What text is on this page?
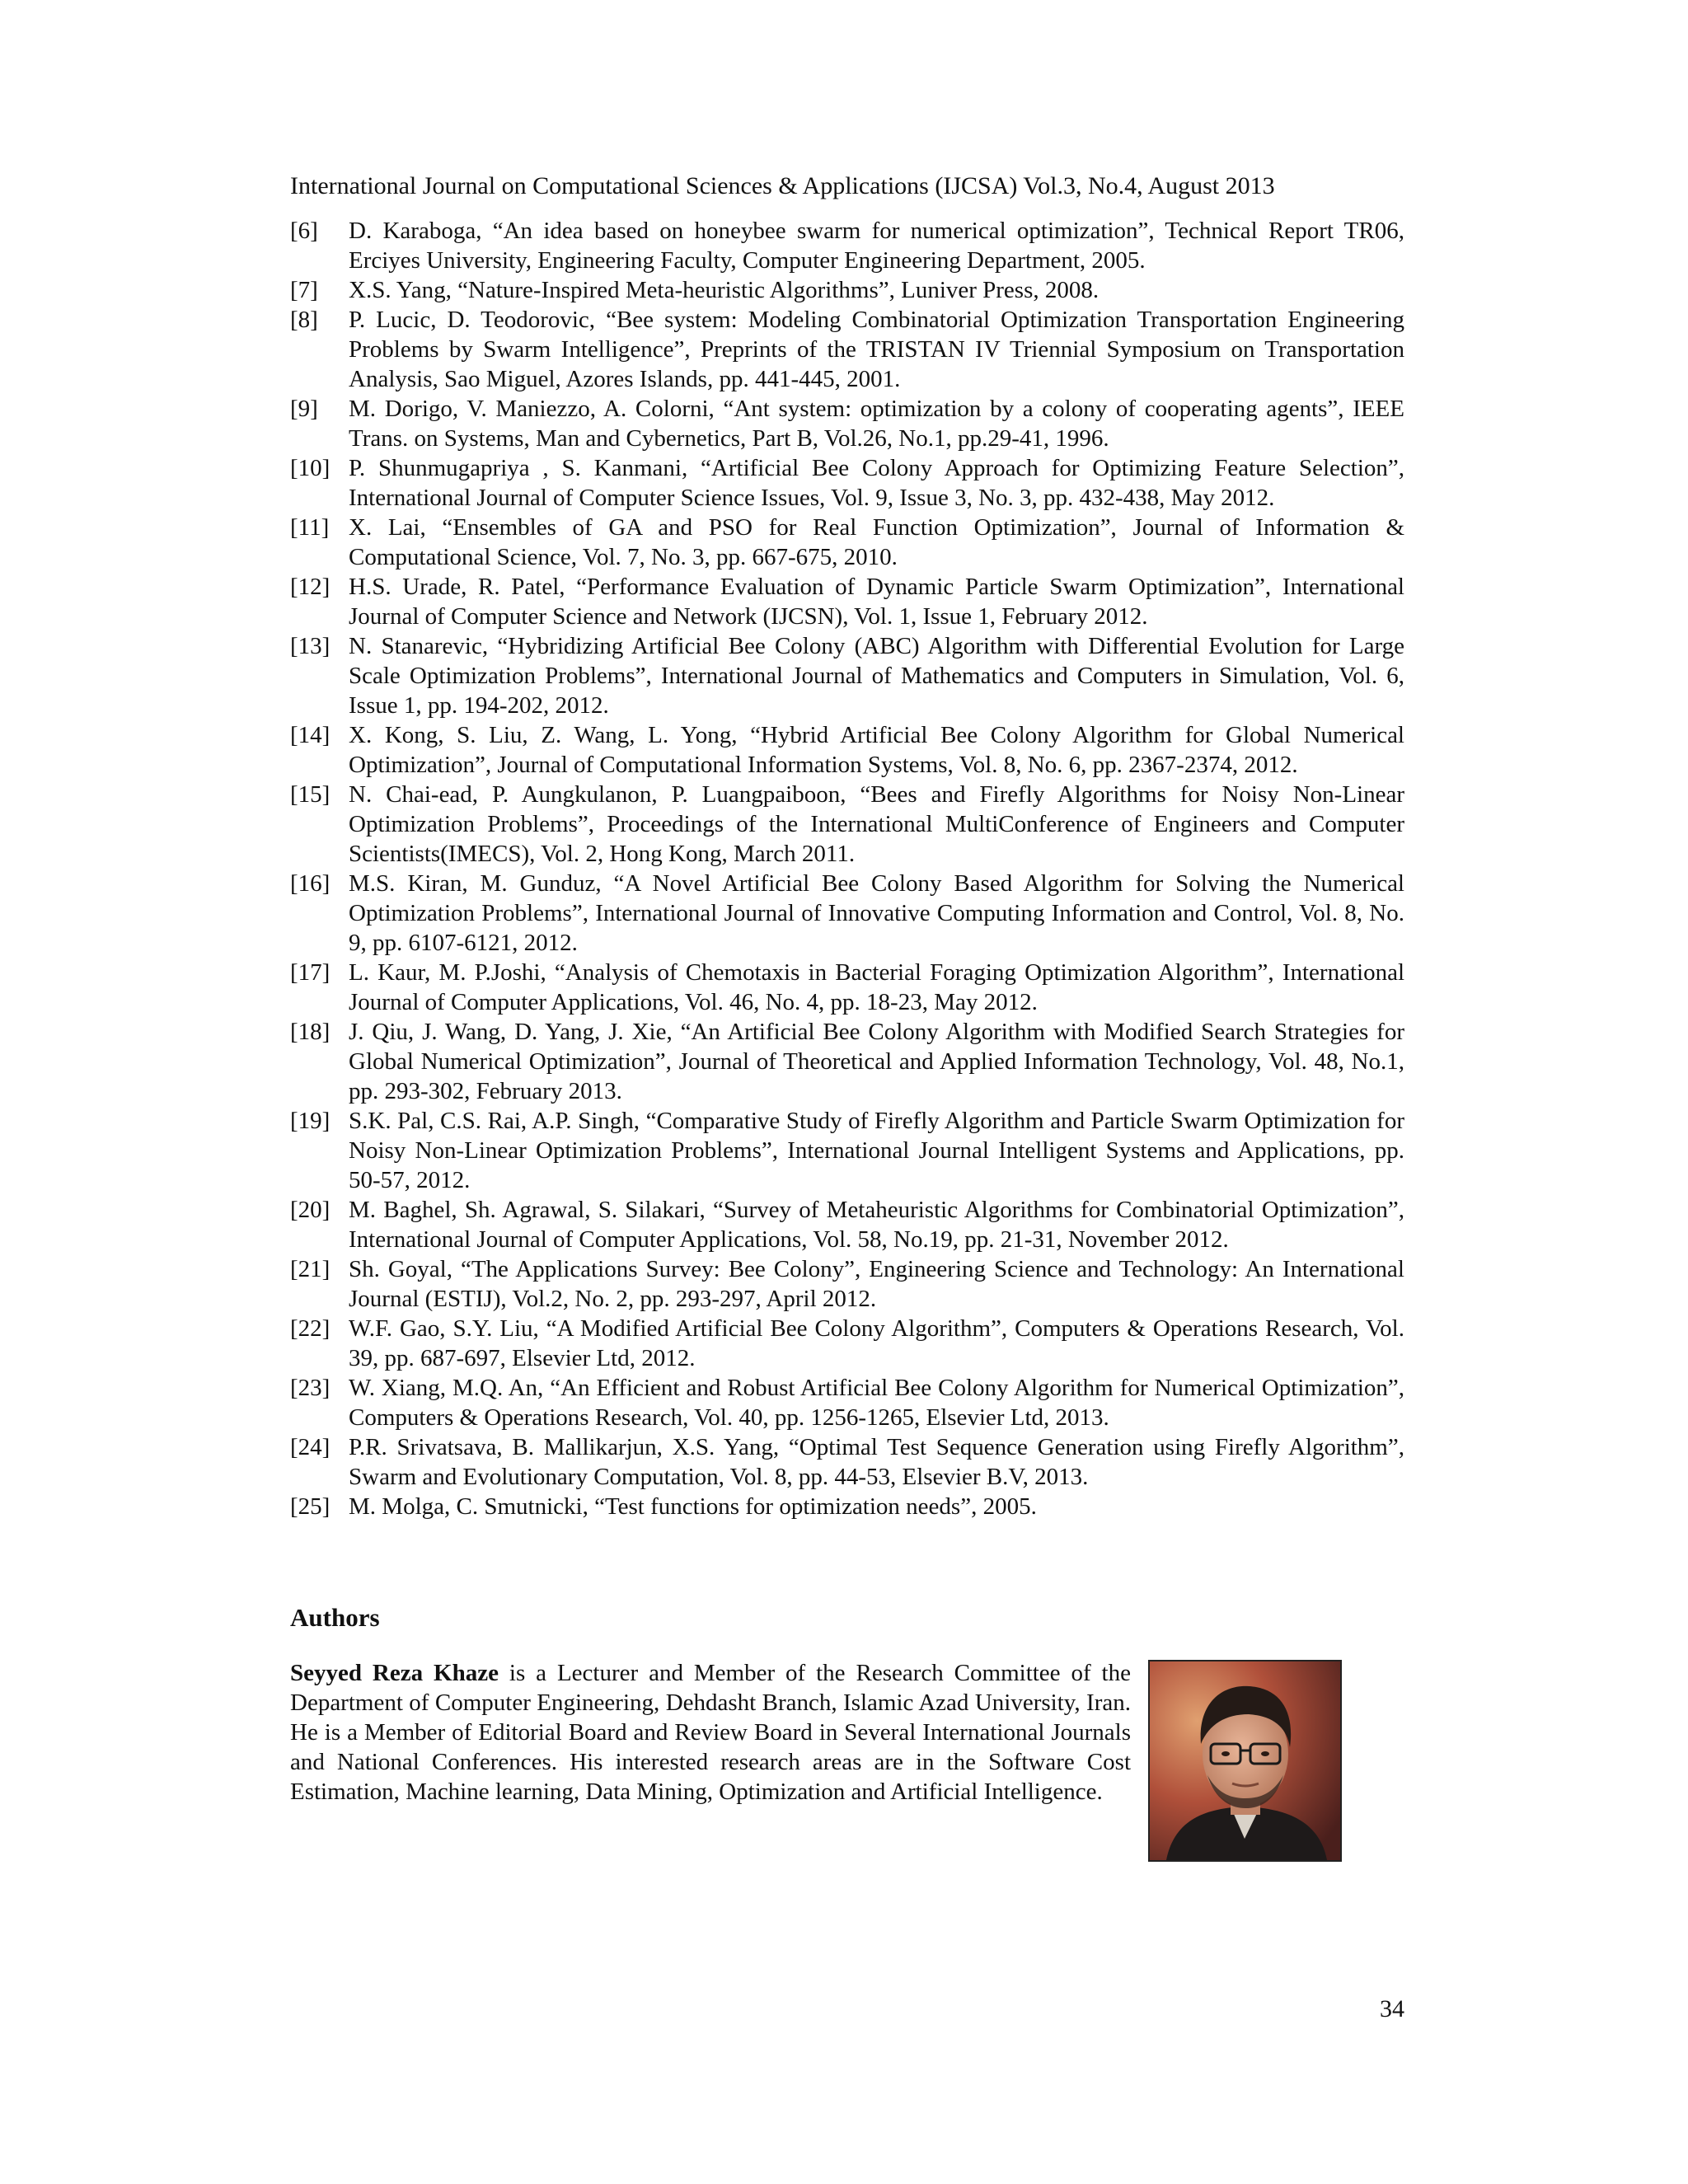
International Journal on Computational Sciences & Applications (IJCSA) Vol.3, No.4, August 2013
[6]	D. Karaboga, “An idea based on honeybee swarm for numerical optimization”, Technical Report TR06, Erciyes University, Engineering Faculty, Computer Engineering Department, 2005.
[7]	X.S. Yang, “Nature-Inspired Meta-heuristic Algorithms”, Luniver Press, 2008.
[8]	P. Lucic, D. Teodorovic, “Bee system: Modeling Combinatorial Optimization Transportation Engineering Problems by Swarm Intelligence”, Preprints of the TRISTAN IV Triennial Symposium on Transportation Analysis, Sao Miguel, Azores Islands, pp. 441-445, 2001.
[9]	M. Dorigo, V. Maniezzo, A. Colorni, “Ant system: optimization by a colony of cooperating agents”, IEEE Trans. on Systems, Man and Cybernetics, Part B, Vol.26, No.1, pp.29-41, 1996.
[10] P. Shunmugapriya , S. Kanmani, “Artificial Bee Colony Approach for Optimizing Feature Selection”, International Journal of Computer Science Issues, Vol. 9, Issue 3, No. 3, pp. 432-438, May 2012.
[11] X. Lai, “Ensembles of GA and PSO for Real Function Optimization”, Journal of Information & Computational Science, Vol. 7, No. 3, pp. 667-675, 2010.
[12] H.S. Urade, R. Patel, “Performance Evaluation of Dynamic Particle Swarm Optimization”, International Journal of Computer Science and Network (IJCSN), Vol. 1, Issue 1, February 2012.
[13] N. Stanarevic, “Hybridizing Artificial Bee Colony (ABC) Algorithm with Differential Evolution for Large Scale Optimization Problems”, International Journal of Mathematics and Computers in Simulation, Vol. 6, Issue 1, pp. 194-202, 2012.
[14] X. Kong, S. Liu, Z. Wang, L. Yong, “Hybrid Artificial Bee Colony Algorithm for Global Numerical Optimization”, Journal of Computational Information Systems, Vol. 8, No. 6, pp. 2367-2374, 2012.
[15] N. Chai-ead, P. Aungkulanon, P. Luangpaiboon, “Bees and Firefly Algorithms for Noisy Non-Linear Optimization Problems”, Proceedings of the International MultiConference of Engineers and Computer Scientists(IMECS), Vol. 2, Hong Kong, March 2011.
[16] M.S. Kiran, M. Gunduz, “A Novel Artificial Bee Colony Based Algorithm for Solving the Numerical Optimization Problems”, International Journal of Innovative Computing Information and Control, Vol. 8, No. 9, pp. 6107-6121, 2012.
[17] L. Kaur, M. P.Joshi, “Analysis of Chemotaxis in Bacterial Foraging Optimization Algorithm”, International Journal of Computer Applications, Vol. 46, No. 4, pp. 18-23, May 2012.
[18] J. Qiu, J. Wang, D. Yang, J. Xie, “An Artificial Bee Colony Algorithm with Modified Search Strategies for Global Numerical Optimization”, Journal of Theoretical and Applied Information Technology, Vol. 48, No.1, pp. 293-302, February 2013.
[19] S.K. Pal, C.S. Rai, A.P. Singh, “Comparative Study of Firefly Algorithm and Particle Swarm Optimization for Noisy Non-Linear Optimization Problems”, International Journal Intelligent Systems and Applications, pp. 50-57, 2012.
[20] M. Baghel, Sh. Agrawal, S. Silakari, “Survey of Metaheuristic Algorithms for Combinatorial Optimization”, International Journal of Computer Applications, Vol. 58, No.19, pp. 21-31, November 2012.
[21] Sh. Goyal, “The Applications Survey: Bee Colony”, Engineering Science and Technology: An International Journal (ESTIJ), Vol.2, No. 2, pp. 293-297, April 2012.
[22] W.F. Gao, S.Y. Liu, “A Modified Artificial Bee Colony Algorithm”, Computers & Operations Research, Vol. 39, pp. 687-697, Elsevier Ltd, 2012.
[23] W. Xiang, M.Q. An, “An Efficient and Robust Artificial Bee Colony Algorithm for Numerical Optimization”, Computers & Operations Research, Vol. 40, pp. 1256-1265, Elsevier Ltd, 2013.
[24] P.R. Srivatsava, B. Mallikarjun, X.S. Yang, “Optimal Test Sequence Generation using Firefly Algorithm”, Swarm and Evolutionary Computation, Vol. 8, pp. 44-53, Elsevier B.V, 2013.
[25] M. Molga, C. Smutnicki, “Test functions for optimization needs”, 2005.
Authors
Seyyed Reza Khaze is a Lecturer and Member of the Research Committee of the Department of Computer Engineering, Dehdasht Branch, Islamic Azad University, Iran. He is a Member of Editorial Board and Review Board in Several International Journals and National Conferences. His interested research areas are in the Software Cost Estimation, Machine learning, Data Mining, Optimization and Artificial Intelligence.
34
